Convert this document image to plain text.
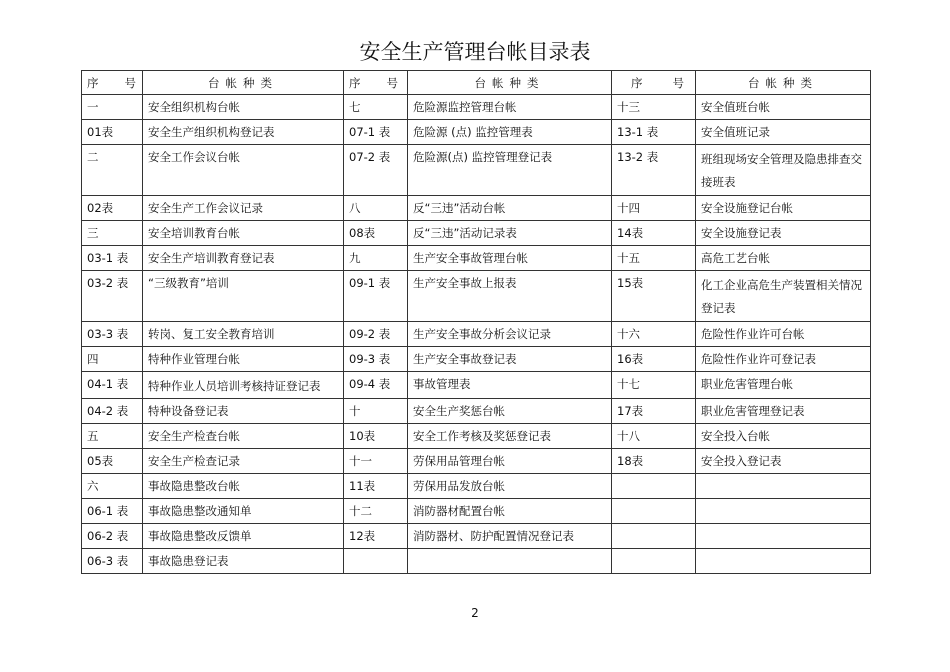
安全生产管理台帐目录表
序 号	台帐种类	序 号	台帐种类	序 号	台帐种类
一	安全组织机构台帐	七	危险源监控管理台帐	十三	安全值班台帐
01表	安全生产组织机构登记表	07-1 表	危险源 (点) 监控管理表	13-1 表	安全值班记录
二	安全工作会议台帐	07-2 表	危险源(点) 监控管理登记表	13-2 表	班组现场安全管理及隐患排查交接班表
02表	安全生产工作会议记录	八	反“三违”活动台帐	十四	安全设施登记台帐
三	安全培训教育台帐	08表	反“三违”活动记录表	14表	安全设施登记表
03-1 表	安全生产培训教育登记表	九	生产安全事故管理台帐	十五	高危工艺台帐
03-2 表	“三级教育”培训	09-1 表	生产安全事故上报表	15表	化工企业高危生产装置相关情况登记表
03-3 表	转岗、复工安全教育培训	09-2 表	生产安全事故分析会议记录	十六	危险性作业许可台帐
四	特种作业管理台帐	09-3 表	生产安全事故登记表	16表	危险性作业许可登记表
04-1 表	特种作业人员培训考核持证登记表	09-4 表	事故管理表	十七	职业危害管理台帐
04-2 表	特种设备登记表	十	安全生产奖惩台帐	17表	职业危害管理登记表
五	安全生产检查台帐	10表	安全工作考核及奖惩登记表	十八	安全投入台帐
05表	安全生产检查记录	十一	劳保用品管理台帐	18表	安全投入登记表
六	事故隐患整改台帐	11表	劳保用品发放台帐		
06-1 表	事故隐患整改通知单	十二	消防器材配置台帐		
06-2 表	事故隐患整改反馈单	12表	消防器材、防护配置情况登记表		
06-3 表	事故隐患登记表				
2
